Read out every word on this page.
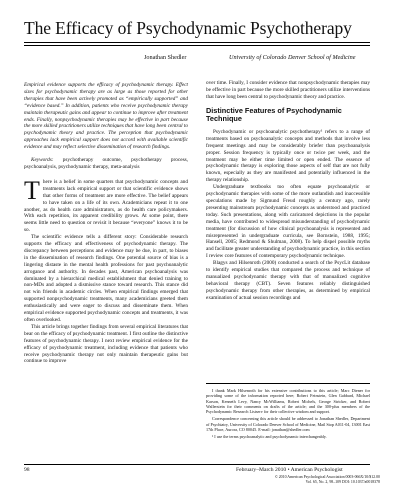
The Efficacy of Psychodynamic Psychotherapy
Jonathan Shedler	University of Colorado Denver School of Medicine

Empirical evidence supports the efficacy of psychodynamic therapy. Effect sizes for psychodynamic therapy are as large as those reported for other therapies that have been actively promoted as “empirically supported” and “evidence based.” In addition, patients who receive psychodynamic therapy maintain therapeutic gains and appear to continue to improve after treatment ends. Finally, nonpsychodynamic therapies may be effective in part because the more skilled practitioners utilize techniques that have long been central to psychodynamic theory and practice. The perception that psychodynamic approaches lack empirical support does not accord with available scientific evidence and may reflect selective dissemination of research findings.

Keywords: psychotherapy outcome, psychotherapy process, psychoanalysis, psychodynamic therapy, meta-analysis

T here is a belief in some quarters that psychodynamic concepts and treatments lack empirical support or that scientific evidence shows that other forms of treatment are more effective. The belief appears to have taken on a life of its own. Academicians repeat it to one another, as do health care administrators, as do health care policymakers. With each repetition, its apparent credibility grows. At some point, there seems little need to question or revisit it because “everyone” knows it to be so.

The scientific evidence tells a different story: Considerable research supports the efficacy and effectiveness of psychodynamic therapy. The discrepancy between perceptions and evidence may be due, in part, to biases in the dissemination of research findings. One potential source of bias is a lingering distaste in the mental health professions for past psychoanalytic arrogance and authority. In decades past, American psychoanalysis was dominated by a hierarchical medical establishment that denied training to non-MDs and adopted a dismissive stance toward research. This stance did not win friends in academic circles. When empirical findings emerged that supported nonpsychodynamic treatments, many academicians greeted them enthusiastically and were eager to discuss and disseminate them. When empirical evidence supported psychodynamic concepts and treatments, it was often overlooked.

This article brings together findings from several empirical literatures that bear on the efficacy of psychodynamic treatment. I first outline the distinctive features of psychodynamic therapy. I next review empirical evidence for the efficacy of psychodynamic treatment, including evidence that patients who receive psychodynamic therapy not only maintain therapeutic gains but continue to improve

over time. Finally, I consider evidence that nonpsychodynamic therapies may be effective in part because the more skilled practitioners utilize interventions that have long been central to psychodynamic theory and practice.

Distinctive Features of Psychodynamic Technique

Psychodynamic or psychoanalytic psychotherapy¹ refers to a range of treatments based on psychoanalytic concepts and methods that involve less frequent meetings and may be considerably briefer than psychoanalysis proper. Session frequency is typically once or twice per week, and the treatment may be either time limited or open ended. The essence of psychodynamic therapy is exploring those aspects of self that are not fully known, especially as they are manifested and potentially influenced in the therapy relationship.

Undergraduate textbooks too often equate psychoanalytic or psychodynamic therapies with some of the more outlandish and inaccessible speculations made by Sigmund Freud roughly a century ago, rarely presenting mainstream psychodynamic concepts as understood and practiced today. Such presentations, along with caricatured depictions in the popular media, have contributed to widespread misunderstanding of psychodynamic treatment (for discussion of how clinical psychoanalysis is represented and misrepresented in undergraduate curricula, see Bornstein, 1988, 1995; Hansell, 2005; Redmond & Shulman, 2008). To help dispel possible myths and facilitate greater understanding of psychodynamic practice, in this section I review core features of contemporary psychodynamic technique.

Blagys and Hilsenroth (2000) conducted a search of the PsycLit database to identify empirical studies that compared the process and technique of manualized psychodynamic therapy with that of manualized cognitive behavioral therapy (CBT). Seven features reliably distinguished psychodynamic therapy from other therapies, as determined by empirical examination of actual session recordings and

I thank Mark Hilsenroth for his extensive contributions to this article; Marc Diener for providing some of the information reported here; Robert Feinstein, Glen Gabbard, Michael Karson, Kenneth Levy, Nancy McWilliams, Robert Michels, George Stricker, and Robert Wallerstein for their comments on drafts of the article; and the 300-plus members of the Psychodynamic Research Listserv for their collective wisdom and support.

Correspondence concerning this article should be addressed to Jonathan Shedler, Department of Psychiatry, University of Colorado Denver School of Medicine, Mail Stop A011-04, 13001 East 17th Place, Aurora, CO 80045. E-mail: jonathan@shedler.com

¹ I use the terms psychoanalytic and psychodynamic interchangeably.

98	February–March 2010 • American Psychologist
© 2010 American Psychological Association 0003-066X/10/$12.00
Vol. 65, No. 2, 98–109 DOI: 10.1037/a0018378
